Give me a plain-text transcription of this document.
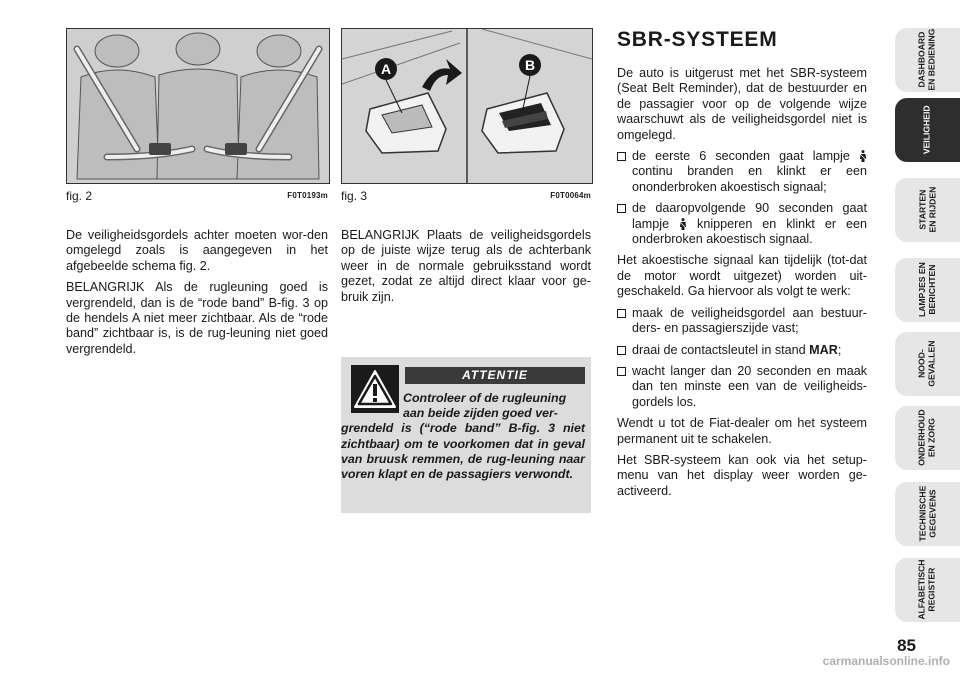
fig. 2	F0T0193m
A	B
fig. 3	F0T0064m

De veiligheidsgordels achter moeten wor-den omgelegd zoals is aangegeven in het afgebeelde schema fig. 2.

BELANGRIJK Als de rugleuning goed is vergrendeld, dan is de “rode band” B-fig. 3 op de hendels A niet meer zichtbaar. Als de “rode band” zichtbaar is, is de rug-leuning niet goed vergrendeld.

BELANGRIJK Plaats de veiligheidsgordels op de juiste wijze terug als de achterbank weer in de normale gebruiksstand wordt gezet, zodat ze altijd direct klaar voor ge-bruik zijn.

ATTENTIE
Controleer of de rugleuning
aan beide zijden goed ver-
grendeld is (“rode band” B-fig. 3 niet zichtbaar) om te voorkomen dat in geval van bruusk remmen, de rug-leuning naar voren klapt en de passagiers verwondt.
SBR-SYSTEEM

De auto is uitgerust met het SBR-systeem (Seat Belt Reminder), dat de bestuurder en de passagier voor op de volgende wijze waarschuwt als de veiligheidsgordel niet is omgelegd.

de eerste 6 seconden gaat lampje  continu branden en klinkt er een ononderbroken akoestisch signaal;
de daaropvolgende 90 seconden gaat lampje knipperen en klinkt er een onderbroken akoestisch signaal.

Het akoestische signaal kan tijdelijk (tot-dat de motor wordt uitgezet) worden uit-geschakeld. Ga hiervoor als volgt te werk:

maak de veiligheidsgordel aan bestuur-ders- en passagierszijde vast;
draai de contactsleutel in stand MAR;
wacht langer dan 20 seconden en maak dan ten minste een van de veiligheids-gordels los.

Wendt u tot de Fiat-dealer om het systeem permanent uit te schakelen.

Het SBR-systeem kan ook via het setup-menu van het display weer worden ge-activeerd.

DASHBOARD
EN BEDIENING
VEILIGHEID
STARTEN
EN RIJDEN
LAMPJES EN
BERICHTEN
NOOD-
GEVALLEN
ONDERHOUD
EN ZORG
TECHNISCHE
GEGEVENS
ALFABETISCH
REGISTER
85
carmanualsonline.info
